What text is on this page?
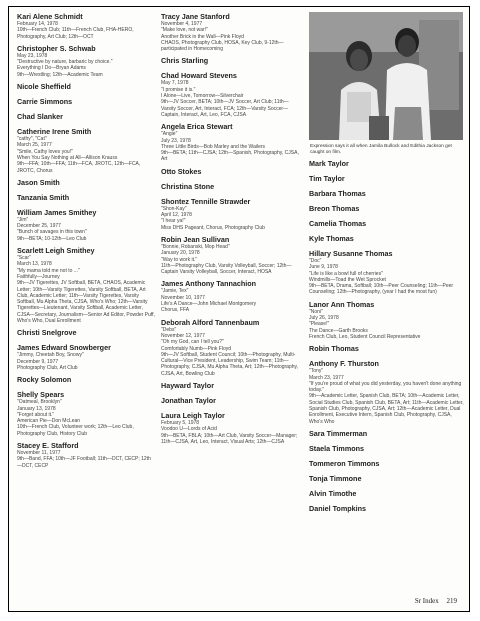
Kari Alene Schmidt
February 14, 1978
10th—French Club; 11th—French Club, FHA-HERO, Photography, Art Club; 12th—OCT
Christopher S. Schwab
May 23, 1978
"Destructive by nature, barbaric by choice."
Everything I Do—Bryan Adams
9th—Wrestling; 12th—Academic Team
Nicole Sheffield
Carrie Simmons
Chad Slanker
Catherine Irene Smith
"cathy", "Cat"
March 25, 1977
"Smile, Cathy loves you!"
When You Say Nothing at All—Allison Krauss
9th—FFA; 10th—FFA; 11th—FCA, JROTC, 12th—FCA, JROTC, Chorus
Jason Smith
Tanzania Smith
William James Smithey
"Jim"
December 25, 1977
"Bunch of savages in this town"
9th—BETA; 10-12th—Leo Club
Scarlett Leigh Smithey
"Scar"
March 13, 1978
"My mama told me not to ..."
Faithfully—Journey
9th—JV Tigerettes, JV Softball, BETA, CHAOS, Academic Letter; 10th—Varsity Tigerettes, Varsity Softball, BETA, Art Club, Academic Letter; 11th—Varsity Tigerettes, Varsity Softball, Mu Alpha Theta, CJSA, Who's Who; 12th—Varsity Tigerettes—Lieutenant, Varsity Softball, Academic Letter, CJSA—Secretary, Journalism—Senior Ad Editor, Powder Puff, Who's Who, Dual Enrollment
Christi Snelgrove
James Edward Snowberger
"Jimmy, Cheetah Boy, Snowy"
December 9, 1977
Photography Club, Art Club
Rocky Solomon
Shelly Spears
"Oatmeal, Brooklyn"
January 13, 1978
"Forget about it."
American Pie—Don McLean
10th—French Club, Volunteer work; 12th—Leo Club, Photography Club, History Club
Stacey E. Stafford
November 11, 1977
9th—Band, FFA; 10th—JF Football; 11th—DCT, CECP; 12th—DCT, CECP
Tracy Jane Stanford
November 4, 1977
"Make love, not war!"
Another Brick in the Wall—Pink Floyd
CHAOS, Photography Club, HOSA, Key Club, 9-12th—participated in Homecoming
Chris Starling
Chad Howard Stevens
May 7, 1978
"I promise it is."
I Alone—Live, Tomorrow—Silverchair
9th—JV Soccer, BETA; 10th—JV Soccer, Art Club; 11th—Varsity Soccer, Art, Interact, FCA; 12th—Varsity Soccer—Captain, Interact, Art, Leo, FCA, CJSA
Angela Erica Stewart
"Angie"
July 23, 1978
Three Little Birds—Bob Marley and the Wailers
9th—BETA; 11th—CJSA; 12th—Spanish, Photography, CJSA, Art
Otto Stokes
Christina Stone
Shontez Tennille Strawder
"Shon-Kay"
April 12, 1978
"I hear ya!"
Miss DHS Pageant, Chorus, Photography Club
Robin Jean Sullivan
"Bonnie, Robanski, Mop Head"
January 20, 1978
"Way to work it."
11th—Photography Club, Varsity Volleyball, Soccer; 12th—Captain Varsity Volleyball, Soccer, Interact, HOSA
James Anthony Tannachion
"Jamie, Tex"
November 10, 1977
Life's A Dance—John Michael Montgomery
Chorus, FFA
Deborah Alford Tannenbaum
"Debs"
November 12, 1977
"Oh my God, can I tell you?"
Comfortably Numb—Pink Floyd
9th—JV Softball, Student Council; 10th—Photography, Multi-Cultural—Vice President, Leadership, Swim Team; 11th—Photography, CJSA, Mu Alpha Theta, Art; 12th—Photography, CJSA, Art, Bowling Club
Hayward Taylor
Jonathan Taylor
Laura Leigh Taylor
February 5, 1978
Voodoo U—Lords of Acid
9th—BETA, FBLA; 10th—Art Club, Varsity Soccer—Manager; 11th—CJSA, Art, Leo, Interact, Visual Arts; 12th—CJSA
Expression says it all when Jamila Bullock and Edithia Jackson get caught on film.
Mark Taylor
Tim Taylor
Barbara Thomas
Breon Thomas
Camelia Thomas
Kyle Thomas
Hillary Susanne Thomas
"Doc"
June 9, 1978
"Life is like a bowl full of cherries"
Windmills—Toad the Wet Sprocket
9th—BETA, Drama, Softball; 10th—Peer Counseling; 11th—Peer Counseling; 12th—Photography, (year I had the most fun)
Lanor Ann Thomas
"Noni"
July 26, 1978
"Please!"
The Dance—Garth Brooks
French Club, Leo, Student Council Representative
Robin Thomas
Anthony F. Thurston
"Tony"
March 23, 1977
"If you're proud of what you did yesterday, you haven't done anything today."
9th—Academic Letter, Spanish Club, BETA; 10th—Academic Letter, Social Studies Club, Spanish Club, BETA, Art; 11th—Academic Letter, Spanish Club, Photography, CJSA, Art; 12th—Academic Letter, Dual Enrollment, Executive Intern, Spanish Club, Photography, CJSA, Who's Who
Sara Timmerman
Staela Timmons
Tommeron Timmons
Tonja Timmone
Alvin Timothe
Daniel Tompkins
Sr Index 219
